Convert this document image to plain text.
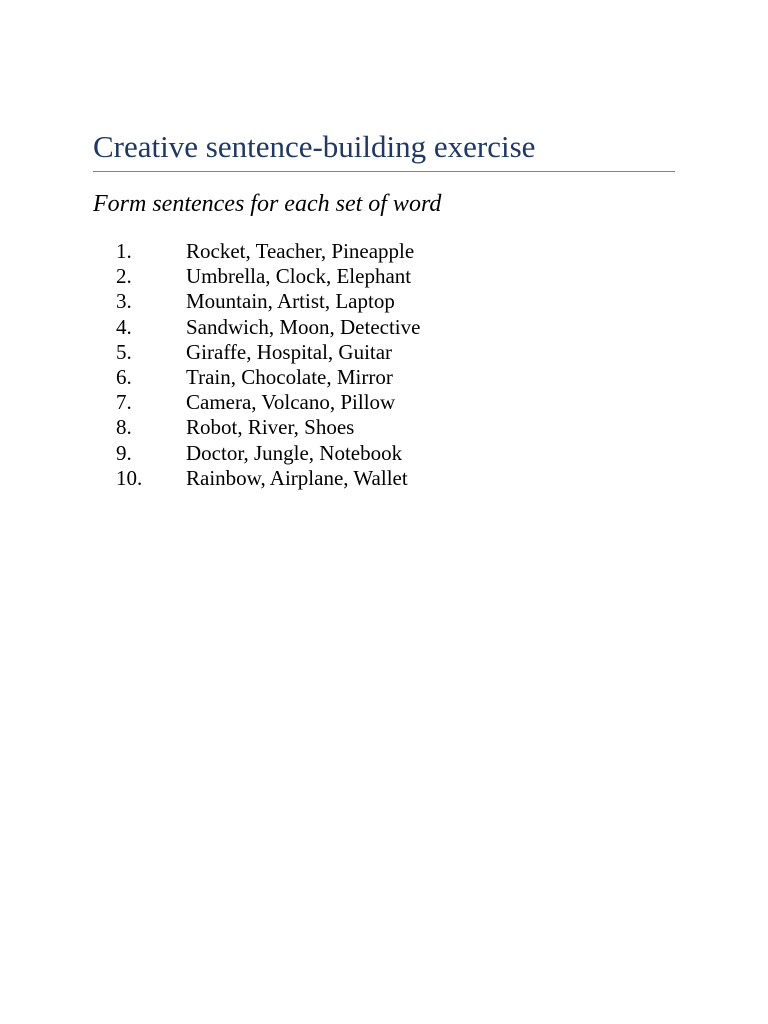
Creative sentence-building exercise

Form sentences for each set of word

1.	Rocket, Teacher, Pineapple
2.	Umbrella, Clock, Elephant
3.	Mountain, Artist, Laptop
4.	Sandwich, Moon, Detective
5.	Giraffe, Hospital, Guitar
6.	Train, Chocolate, Mirror
7.	Camera, Volcano, Pillow
8.	Robot, River, Shoes
9.	Doctor, Jungle, Notebook
10. Rainbow, Airplane, Wallet
